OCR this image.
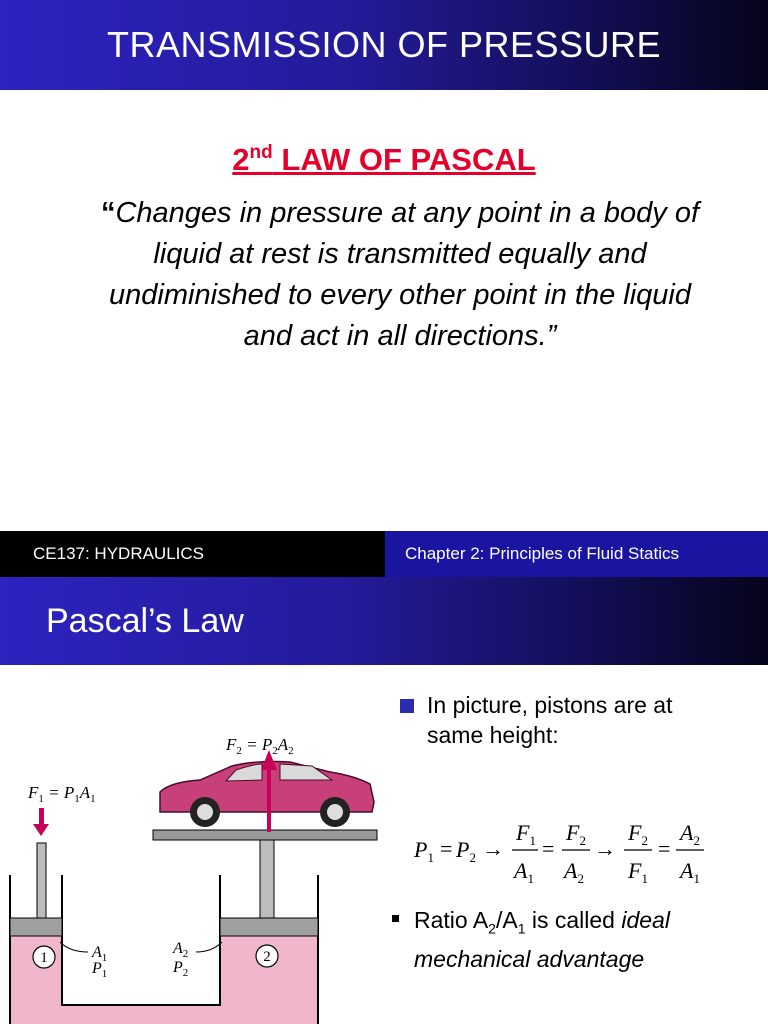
TRANSMISSION OF PRESSURE
2nd LAW OF PASCAL
“Changes in pressure at any point in a body of liquid at rest is transmitted equally and undiminished to every other point in the liquid and act in all directions.”
CE137: HYDRAULICS	Chapter 2: Principles of Fluid Statics
Pascal’s Law
1	2
$F_1 = P_1A_1$
$F_2 = P_2A_2$
$A_1$
$P_1$
$A_2$
$P_2$
In picture, pistons are at same height:
$P_1 = P_2$ →
$F_1$
$A_1$
=
$F_2$
$A_2$
→
$F_2$
$F_1$
=
$A_2$
$A_1$
Ratio $A_2/A_1$ is called ideal
mechanical advantage
